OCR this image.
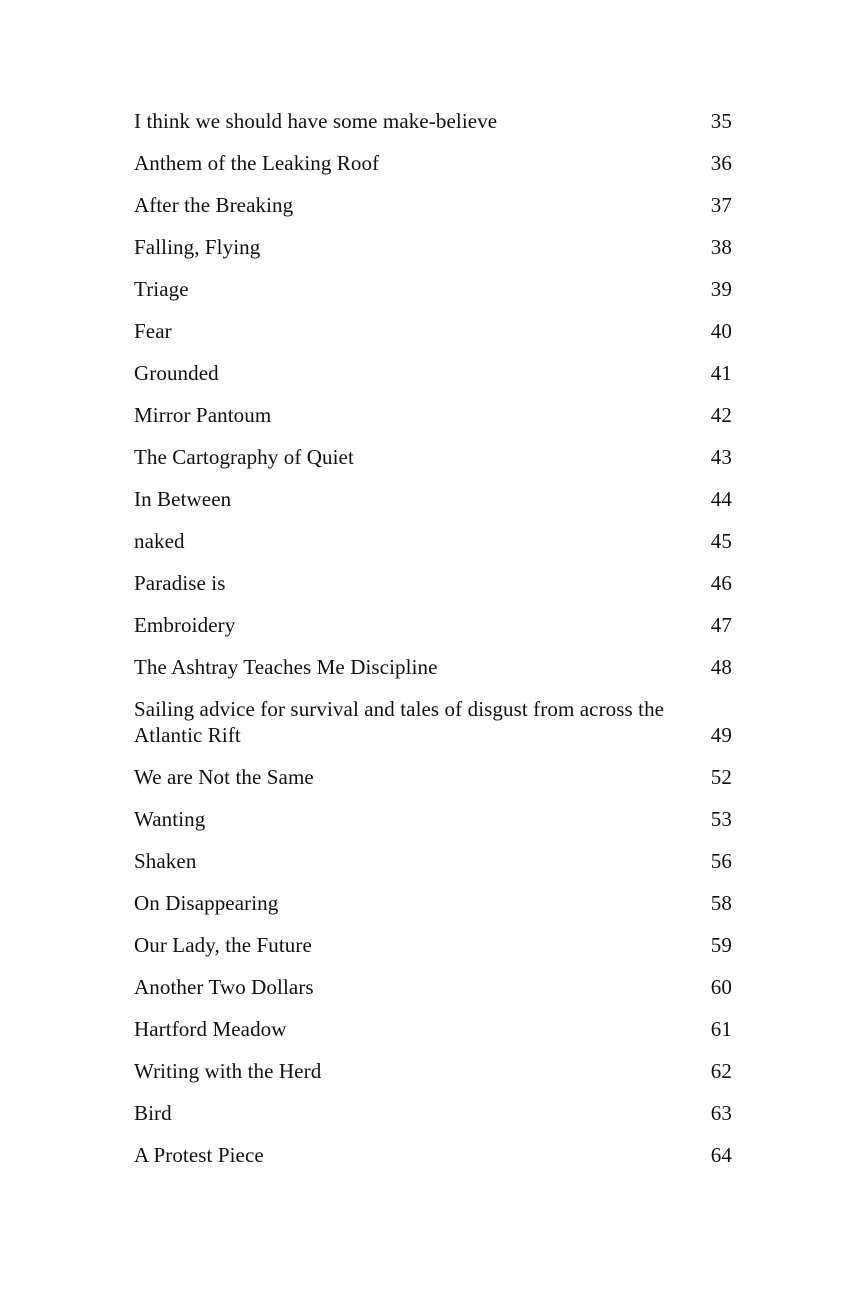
I think we should have some make-believe	35
Anthem of the Leaking Roof	36
After the Breaking	37
Falling, Flying	38
Triage	39
Fear	40
Grounded	41
Mirror Pantoum	42
The Cartography of Quiet	43
In Between	44
naked	45
Paradise is	46
Embroidery	47
The Ashtray Teaches Me Discipline	48
Sailing advice for survival and tales of disgust from across the Atlantic Rift	49
We are Not the Same	52
Wanting	53
Shaken	56
On Disappearing	58
Our Lady, the Future	59
Another Two Dollars	60
Hartford Meadow	61
Writing with the Herd	62
Bird	63
A Protest Piece	64
